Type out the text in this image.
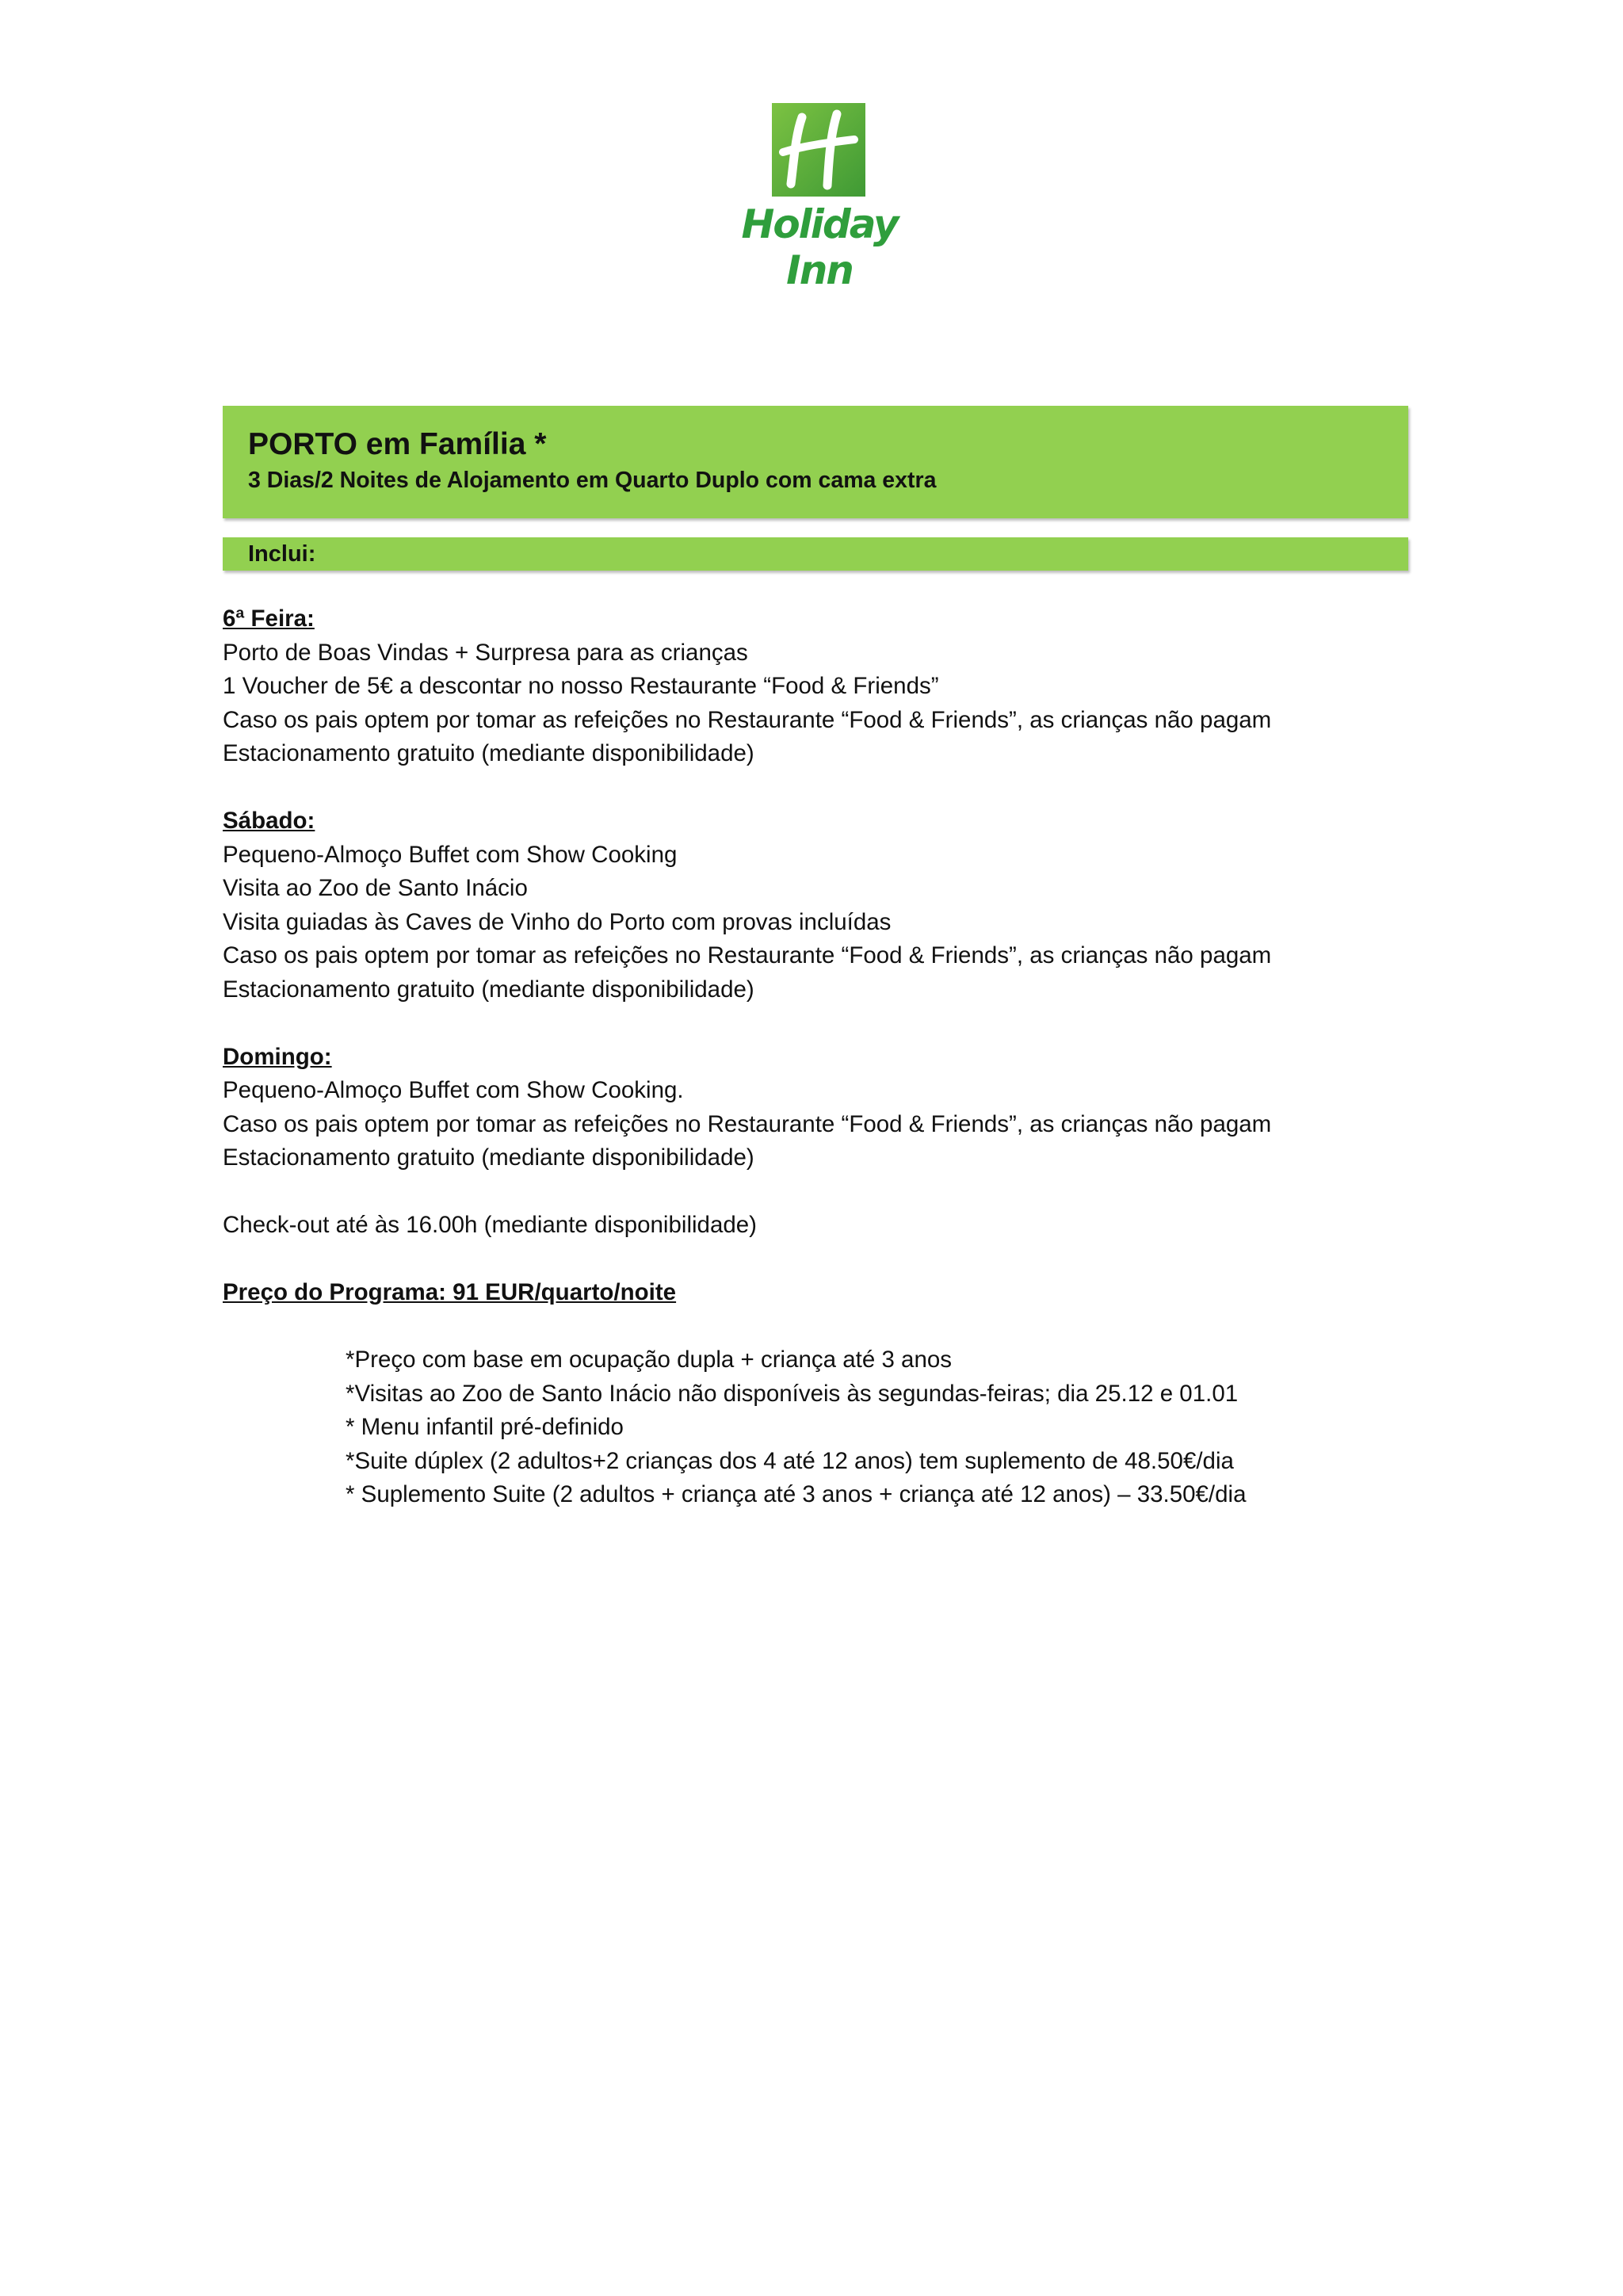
Holiday Inn
PORTO em Família *
3 Dias/2 Noites de Alojamento em Quarto Duplo com cama extra
Inclui:
6ª Feira:
Porto de Boas Vindas + Surpresa para as crianças
1 Voucher de 5€ a descontar no nosso Restaurante “Food & Friends”
Caso os pais optem por tomar as refeições no Restaurante “Food & Friends”, as crianças não pagam
Estacionamento gratuito (mediante disponibilidade)
Sábado:
Pequeno-Almoço Buffet com Show Cooking
Visita ao Zoo de Santo Inácio
Visita guiadas às Caves de Vinho do Porto com provas incluídas
Caso os pais optem por tomar as refeições no Restaurante “Food & Friends”, as crianças não pagam
Estacionamento gratuito (mediante disponibilidade)
Domingo:
Pequeno-Almoço Buffet com Show Cooking.
Caso os pais optem por tomar as refeições no Restaurante “Food & Friends”, as crianças não pagam
Estacionamento gratuito (mediante disponibilidade)
Check-out até às 16.00h (mediante disponibilidade)
Preço do Programa: 91 EUR/quarto/noite
*Preço com base em ocupação dupla + criança até 3 anos
*Visitas ao Zoo de Santo Inácio não disponíveis às segundas-feiras; dia 25.12 e 01.01
* Menu infantil pré-definido
*Suite dúplex (2 adultos+2 crianças dos 4 até 12 anos) tem suplemento de 48.50€/dia
* Suplemento Suite (2 adultos + criança até 3 anos + criança até 12 anos) – 33.50€/dia
